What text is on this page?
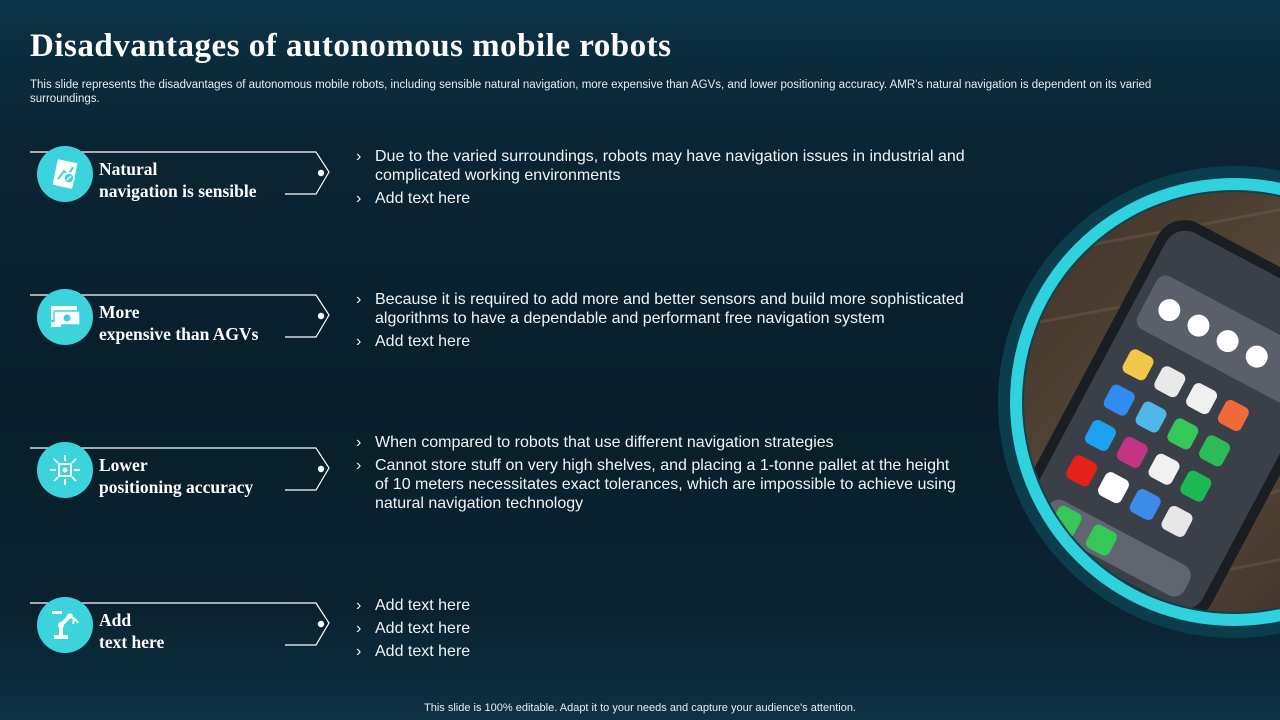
Disadvantages of autonomous mobile robots
This slide represents the disadvantages of autonomous mobile robots, including sensible natural navigation, more expensive than AGVs, and lower positioning accuracy. AMR's natural navigation is dependent on its varied surroundings.
Natural
navigation is sensible
› Due to the varied surroundings, robots may have navigation issues in industrial and complicated working environments
› Add text here
More
expensive than AGVs
› Because it is required to add more and better sensors and build more sophisticated algorithms to have a dependable and performant free navigation system
› Add text here
Lower
positioning accuracy
› When compared to robots that use different navigation strategies
› Cannot store stuff on very high shelves, and placing a 1-tonne pallet at the height of 10 meters necessitates exact tolerances, which are impossible to achieve using natural navigation technology
Add
text here
› Add text here
› Add text here
› Add text here
This slide is 100% editable. Adapt it to your needs and capture your audience's attention.
